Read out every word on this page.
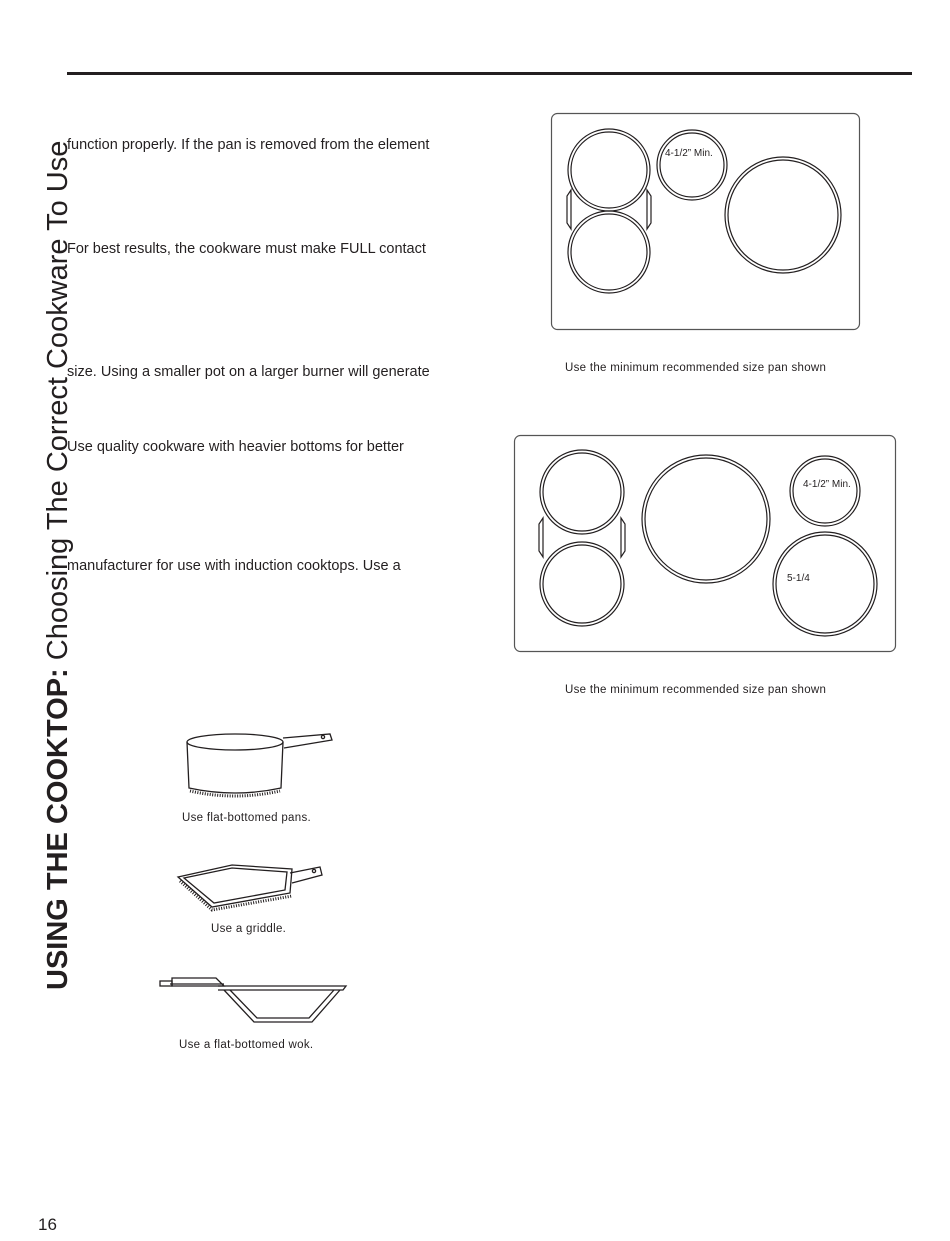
USING THE COOKTOP: Choosing The Correct Cookware To Use
function properly. If the pan is removed from the element
For best results, the cookware must make FULL contact
size. Using a smaller pot on a larger burner will generate
Use quality cookware with heavier bottoms for better
manufacturer for use with induction cooktops. Use a
4-1/2” Min.
Use the minimum recommended size pan shown
4-1/2” Min.
5-1/4
Use the minimum recommended size pan shown
Use flat-bottomed pans.
Use a griddle.
Use a flat-bottomed wok.
16
